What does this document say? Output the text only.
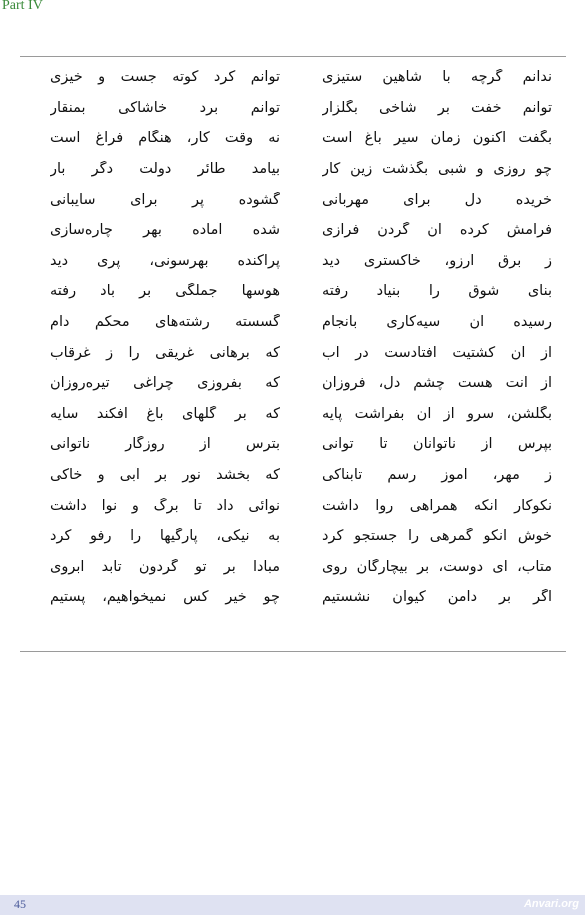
Part IV
ندانم گرچه با شاهین ستیزی
توانم کرد کوته جست و خیزی
توانم خفت بر شاخی بگلزار
توانم برد خاشاکی بمنقار
بگفت اکنون زمان سیر باغ است
نه وقت کار، هنگام فراغ است
چو روزی و شبی بگذشت زین کار
بیامد طائر دولت دگر بار
خریده دل برای مهربانی
گشوده پر برای سایبانی
فرامش کرده آن گردن فرازی
شده آماده بهر چاره‌سازی
ز برق آرزو، خاکستری دید
پراکنده بهرسونی، پری دید
بنای شوق را بنیاد رفته
هوسها جملگی بر باد رفته
رسیده آن سیه‌کاری بانجام
گسسته رشته‌های محکم دام
از آن کشتیت افتادست در آب
که برهانی غریقی را ز غرقاب
از آنت هست چشم دل، فروزان
که بفروزی چراغی تیره‌روزان
بگلشن، سرو از آن بفراشت پایه
که بر گلهای باغ افکند سایه
بپرس از ناتوانان تا توانی
بترس از روزگار ناتوانی
ز مهر، آموز رسم تابناکی
که بخشد نور بر آبی و خاکی
نکوکار آنکه همراهی روا داشت
نوائی داد تا برگ و نوا داشت
خوش آنکو گمرهی را جستجو کرد
به نیکی، پارگیها را رفو کرد
متاب، ای دوست، بر بیچارگان روی
مبادا بر تو گردون تابد ابروی
اگر بر دامن کیوان نشستیم
چو خیر کس نمیخواهیم، پستیم
45	Anvari.org
